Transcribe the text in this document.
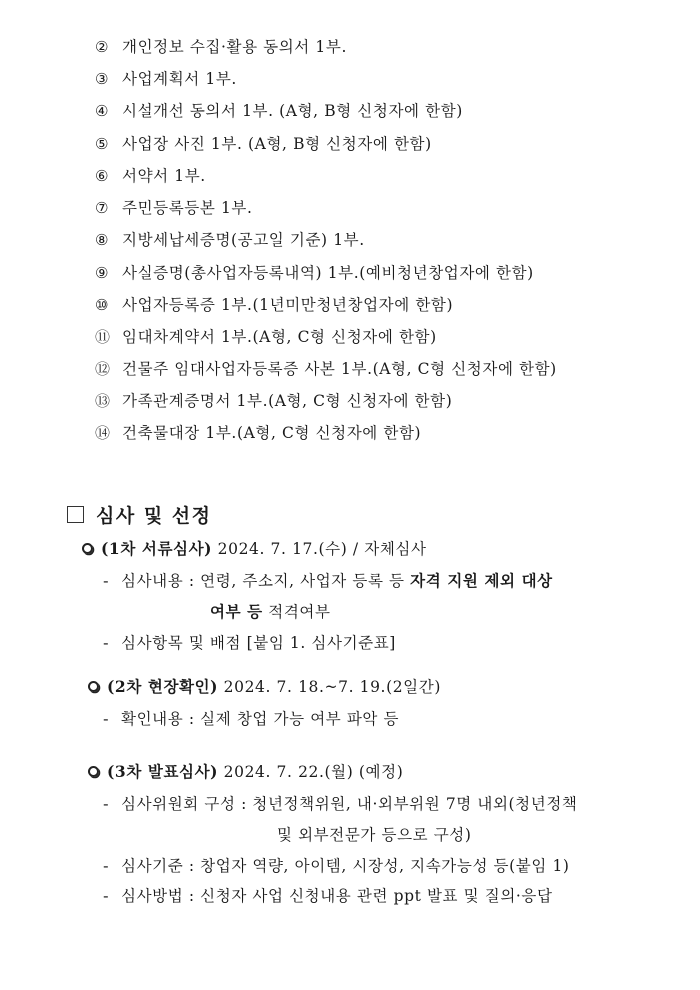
② 개인정보 수집·활용 동의서 1부.
③ 사업계획서 1부.
④ 시설개선 동의서 1부. (A형, B형 신청자에 한함)
⑤ 사업장 사진 1부. (A형, B형 신청자에 한함)
⑥ 서약서 1부.
⑦ 주민등록등본 1부.
⑧ 지방세납세증명(공고일 기준) 1부.
⑨ 사실증명(총사업자등록내역) 1부.(예비청년창업자에 한함)
⑩ 사업자등록증 1부.(1년미만청년창업자에 한함)
⑪ 임대차계약서 1부.(A형, C형 신청자에 한함)
⑫ 건물주 임대사업자등록증 사본 1부.(A형, C형 신청자에 한함)
⑬ 가족관계증명서 1부.(A형, C형 신청자에 한함)
⑭ 건축물대장 1부.(A형, C형 신청자에 한함)
심사 및 선정
(1차 서류심사) 2024. 7. 17.(수) / 자체심사
- 심사내용 : 연령, 주소지, 사업자 등록 등 자격 지원 제외 대상
여부 등 적격여부
- 심사항목 및 배점 [붙임 1. 심사기준표]
(2차 현장확인) 2024. 7. 18.~7. 19.(2일간)
- 확인내용 : 실제 창업 가능 여부 파악 등
(3차 발표심사) 2024. 7. 22.(월) (예정)
- 심사위원회 구성 : 청년정책위원, 내·외부위원 7명 내외(청년정책
및 외부전문가 등으로 구성)
- 심사기준 : 창업자 역량, 아이템, 시장성, 지속가능성 등(붙임 1)
- 심사방법 : 신청자 사업 신청내용 관련 ppt 발표 및 질의·응답
